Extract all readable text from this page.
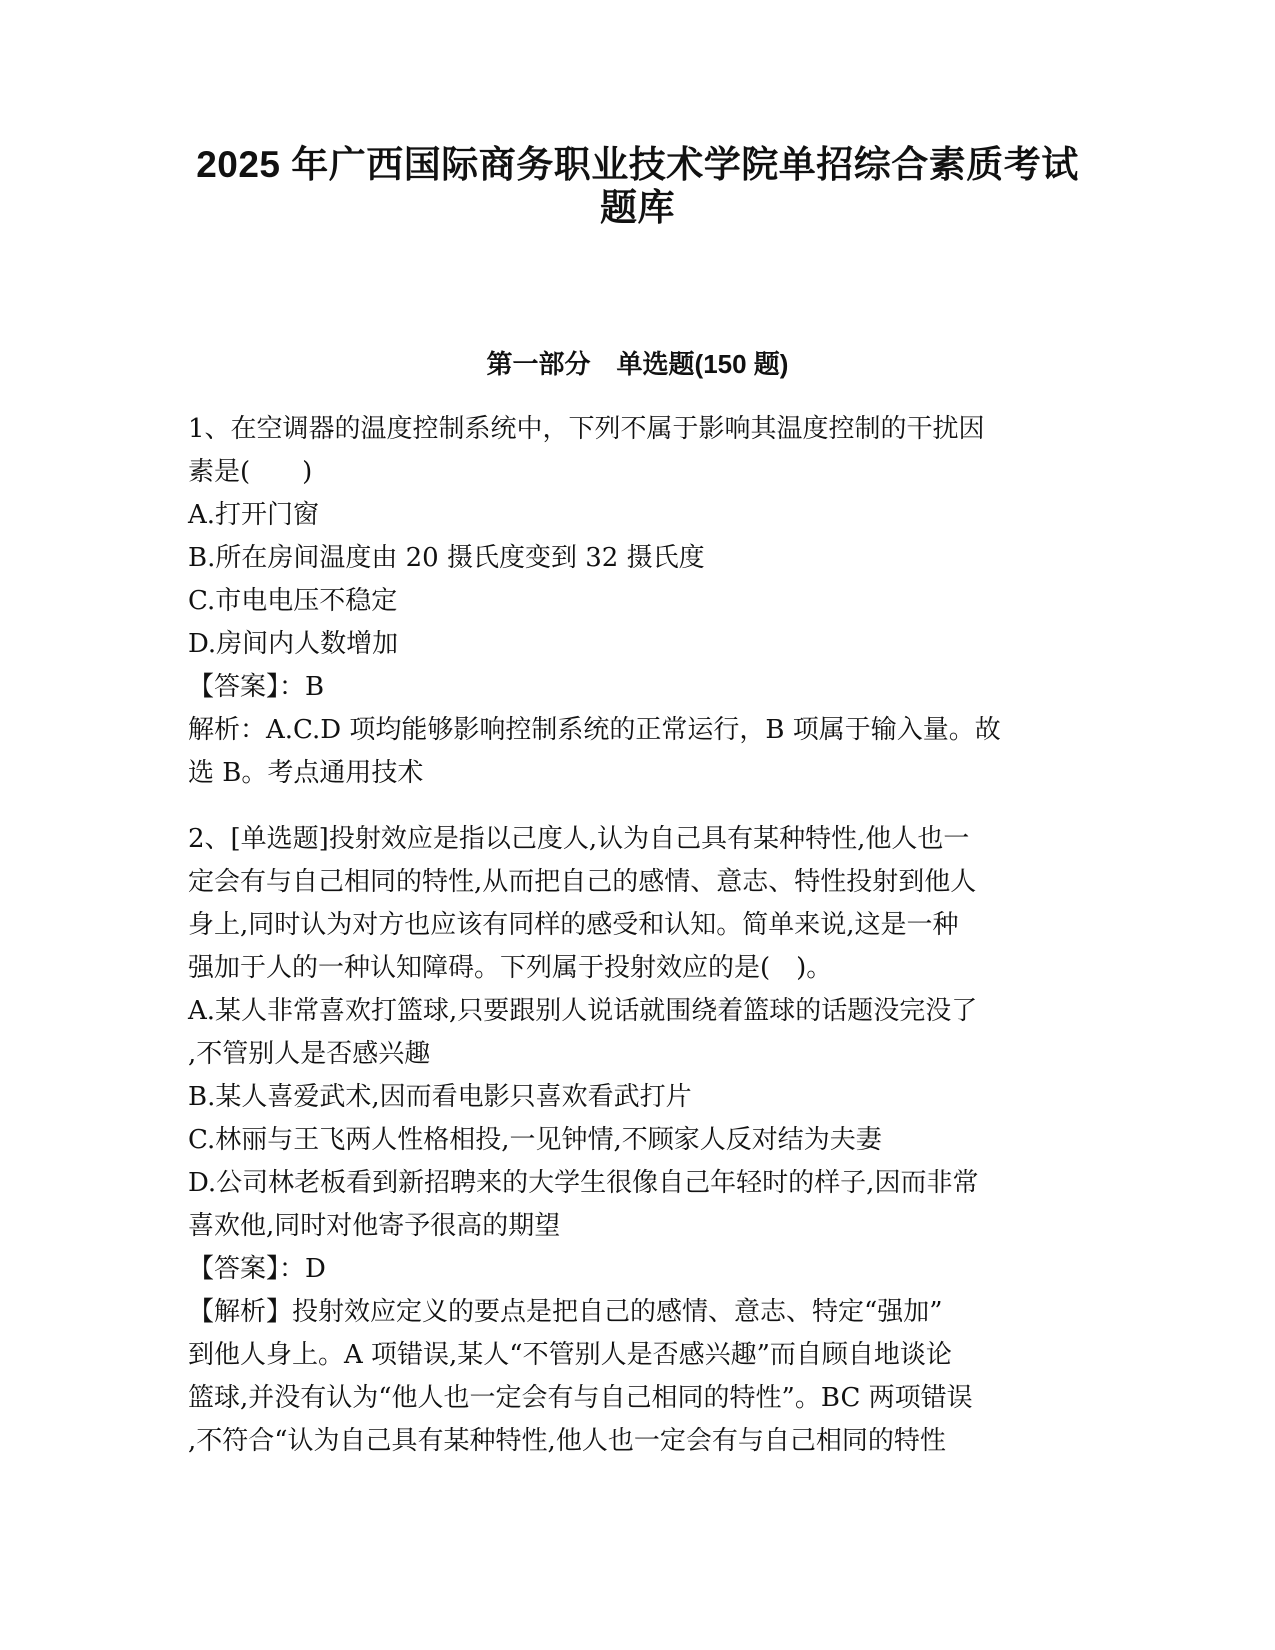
2025 年广西国际商务职业技术学院单招综合素质考试
题库
第一部分　单选题(150 题)
1、在空调器的温度控制系统中，下列不属于影响其温度控制的干扰因
素是(　　)
A.打开门窗
B.所在房间温度由 20 摄氏度变到 32 摄氏度
C.市电电压不稳定
D.房间内人数增加
【答案】：B
解析：A.C.D 项均能够影响控制系统的正常运行，B 项属于输入量。故
选 B。考点通用技术
2、[单选题]投射效应是指以己度人,认为自己具有某种特性,他人也一
定会有与自己相同的特性,从而把自己的感情、意志、特性投射到他人
身上,同时认为对方也应该有同样的感受和认知。简单来说,这是一种
强加于人的一种认知障碍。下列属于投射效应的是(　)。
A.某人非常喜欢打篮球,只要跟别人说话就围绕着篮球的话题没完没了
,不管别人是否感兴趣
B.某人喜爱武术,因而看电影只喜欢看武打片
C.林丽与王飞两人性格相投,一见钟情,不顾家人反对结为夫妻
D.公司林老板看到新招聘来的大学生很像自己年轻时的样子,因而非常
喜欢他,同时对他寄予很高的期望
【答案】：D
【解析】投射效应定义的要点是把自己的感情、意志、特定“强加”
到他人身上。A 项错误,某人“不管别人是否感兴趣”而自顾自地谈论
篮球,并没有认为“他人也一定会有与自己相同的特性”。BC 两项错误
,不符合“认为自己具有某种特性,他人也一定会有与自己相同的特性
